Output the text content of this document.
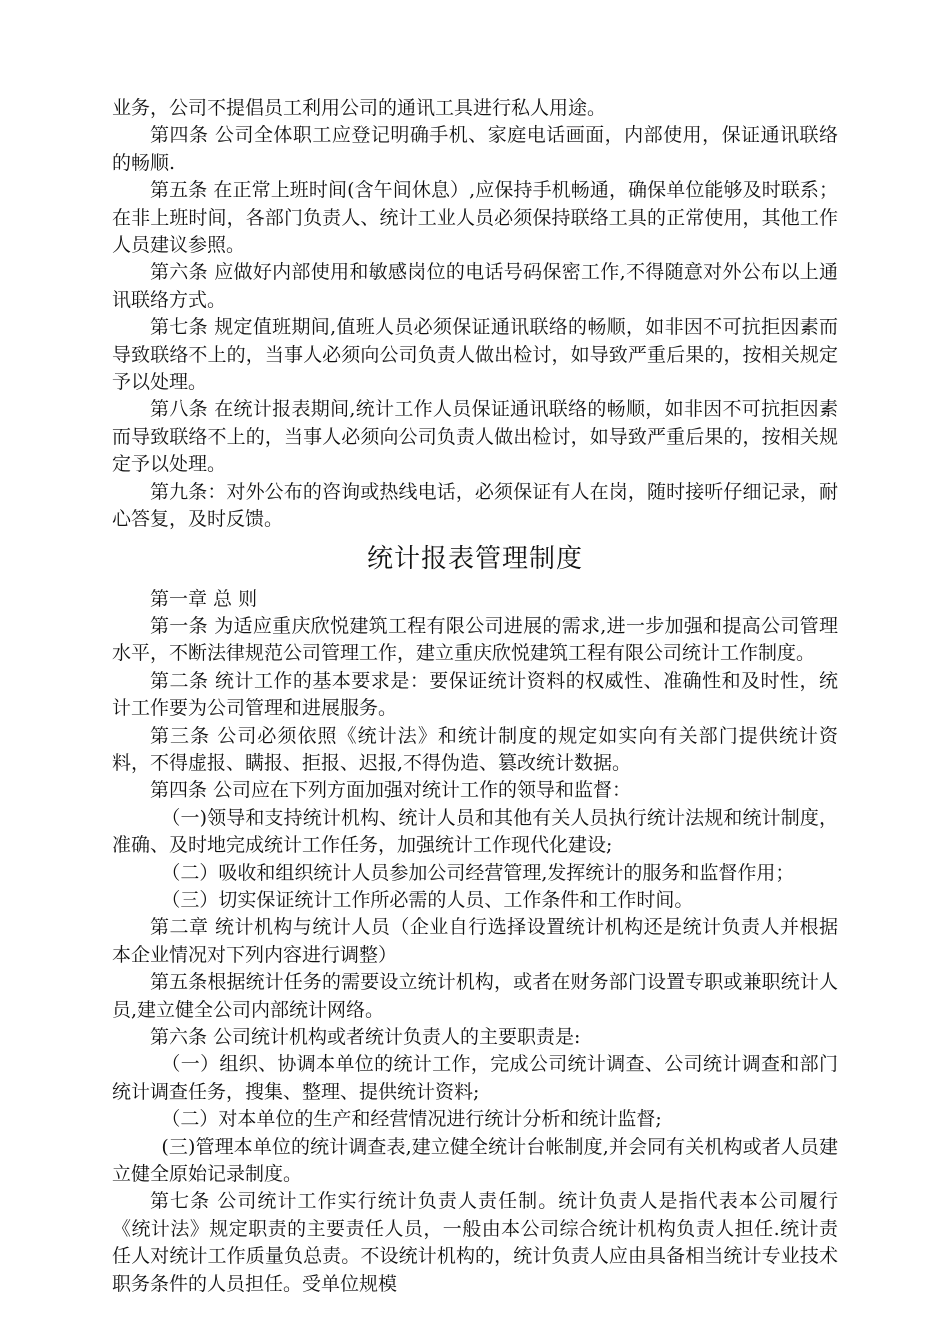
业务，公司不提倡员工利用公司的通讯工具进行私人用途。

第四条 公司全体职工应登记明确手机、家庭电话画面，内部使用，保证通讯联络的畅顺.

第五条 在正常上班时间(含午间休息）,应保持手机畅通，确保单位能够及时联系；在非上班时间，各部门负责人、统计工业人员必须保持联络工具的正常使用，其他工作人员建议参照。

第六条 应做好内部使用和敏感岗位的电话号码保密工作,不得随意对外公布以上通讯联络方式。

第七条 规定值班期间,值班人员必须保证通讯联络的畅顺，如非因不可抗拒因素而导致联络不上的，当事人必须向公司负责人做出检讨，如导致严重后果的，按相关规定予以处理。

第八条 在统计报表期间,统计工作人员保证通讯联络的畅顺，如非因不可抗拒因素而导致联络不上的，当事人必须向公司负责人做出检讨，如导致严重后果的，按相关规定予以处理。

第九条：对外公布的咨询或热线电话，必须保证有人在岗，随时接听仔细记录，耐心答复，及时反馈。

统计报表管理制度

第一章 总 则

第一条 为适应重庆欣悦建筑工程有限公司进展的需求,进一步加强和提高公司管理水平，不断法律规范公司管理工作，建立重庆欣悦建筑工程有限公司统计工作制度。

第二条 统计工作的基本要求是：要保证统计资料的权威性、准确性和及时性，统计工作要为公司管理和进展服务。

第三条 公司必须依照《统计法》和统计制度的规定如实向有关部门提供统计资料，不得虚报、瞒报、拒报、迟报,不得伪造、篡改统计数据。

第四条 公司应在下列方面加强对统计工作的领导和监督：

（一)领导和支持统计机构、统计人员和其他有关人员执行统计法规和统计制度，准确、及时地完成统计工作任务，加强统计工作现代化建设;

（二）吸收和组织统计人员参加公司经营管理,发挥统计的服务和监督作用；

（三）切实保证统计工作所必需的人员、工作条件和工作时间。

第二章 统计机构与统计人员（企业自行选择设置统计机构还是统计负责人并根据本企业情况对下列内容进行调整）

第五条根据统计任务的需要设立统计机构，或者在财务部门设置专职或兼职统计人员,建立健全公司内部统计网络。

第六条 公司统计机构或者统计负责人的主要职责是:

（一）组织、协调本单位的统计工作，完成公司统计调查、公司统计调查和部门统计调查任务，搜集、整理、提供统计资料;

（二）对本单位的生产和经营情况进行统计分析和统计监督;

(三)管理本单位的统计调查表,建立健全统计台帐制度,并会同有关机构或者人员建立健全原始记录制度。

第七条 公司统计工作实行统计负责人责任制。统计负责人是指代表本公司履行《统计法》规定职责的主要责任人员，一般由本公司综合统计机构负责人担任.统计责任人对统计工作质量负总责。不设统计机构的，统计负责人应由具备相当统计专业技术职务条件的人员担任。受单位规模
